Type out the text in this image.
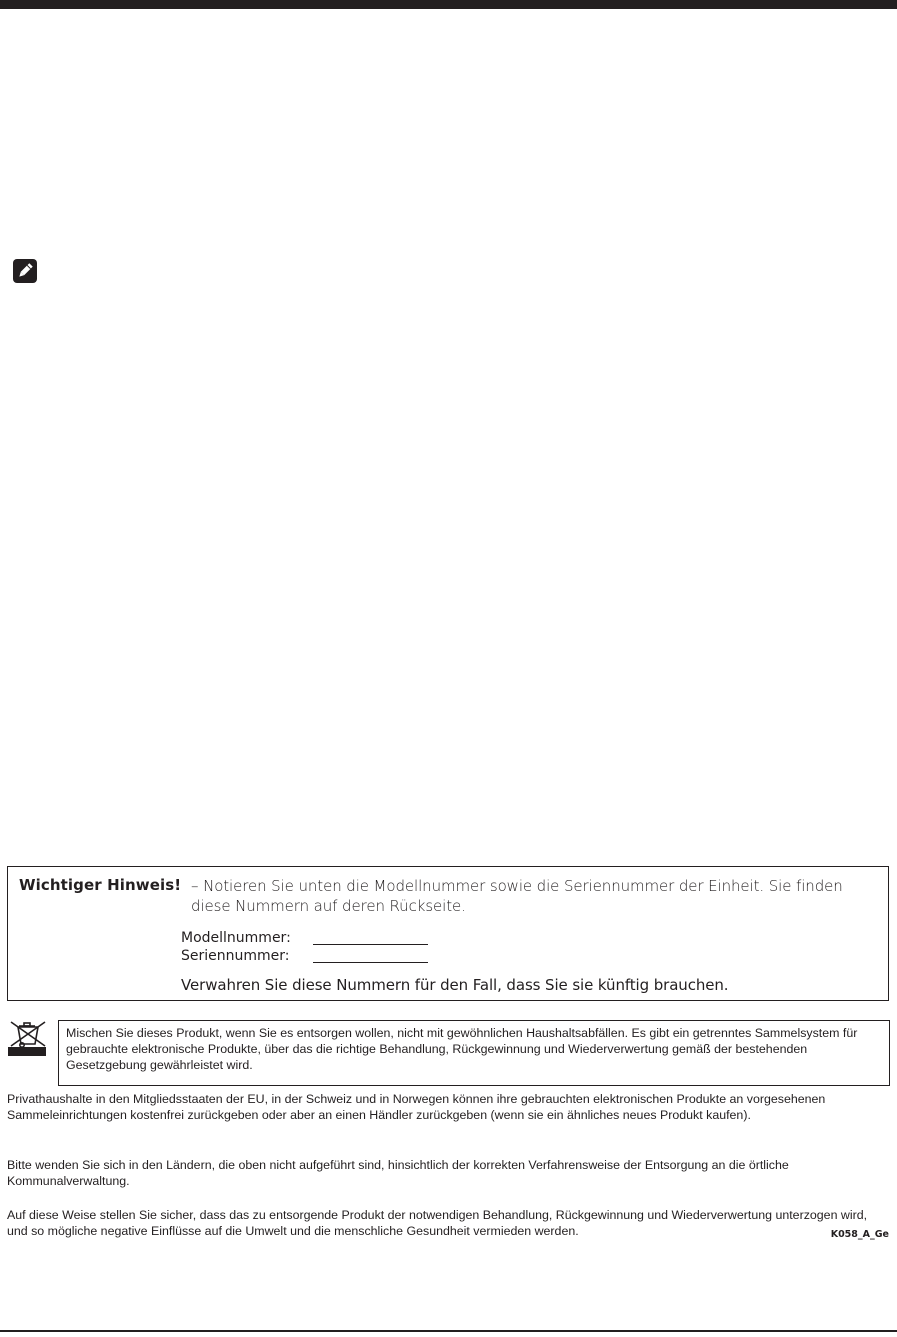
Wichtiger Hinweis! – Notieren Sie unten die Modellnummer sowie die Seriennummer der Einheit. Sie finden diese Nummern auf deren Rückseite.
Modellnummer:
Seriennummer:
Verwahren Sie diese Nummern für den Fall, dass Sie sie künftig brauchen.
Mischen Sie dieses Produkt, wenn Sie es entsorgen wollen, nicht mit gewöhnlichen Haushaltsabfällen. Es gibt ein getrenntes Sammelsystem für gebrauchte elektronische Produkte, über das die richtige Behandlung, Rückgewinnung und Wiederverwertung gemäß der bestehenden Gesetzgebung gewährleistet wird.
Privathaushalte in den Mitgliedsstaaten der EU, in der Schweiz und in Norwegen können ihre gebrauchten elektronischen Produkte an vorgesehenen Sammeleinrichtungen kostenfrei zurückgeben oder aber an einen Händler zurückgeben (wenn sie ein ähnliches neues Produkt kaufen).
Bitte wenden Sie sich in den Ländern, die oben nicht aufgeführt sind, hinsichtlich der korrekten Verfahrensweise der Entsorgung an die örtliche Kommunalverwaltung.
Auf diese Weise stellen Sie sicher, dass das zu entsorgende Produkt der notwendigen Behandlung, Rückgewinnung und Wiederverwertung unterzogen wird, und so mögliche negative Einflüsse auf die Umwelt und die menschliche Gesundheit vermieden werden.	K058_A_Ge
